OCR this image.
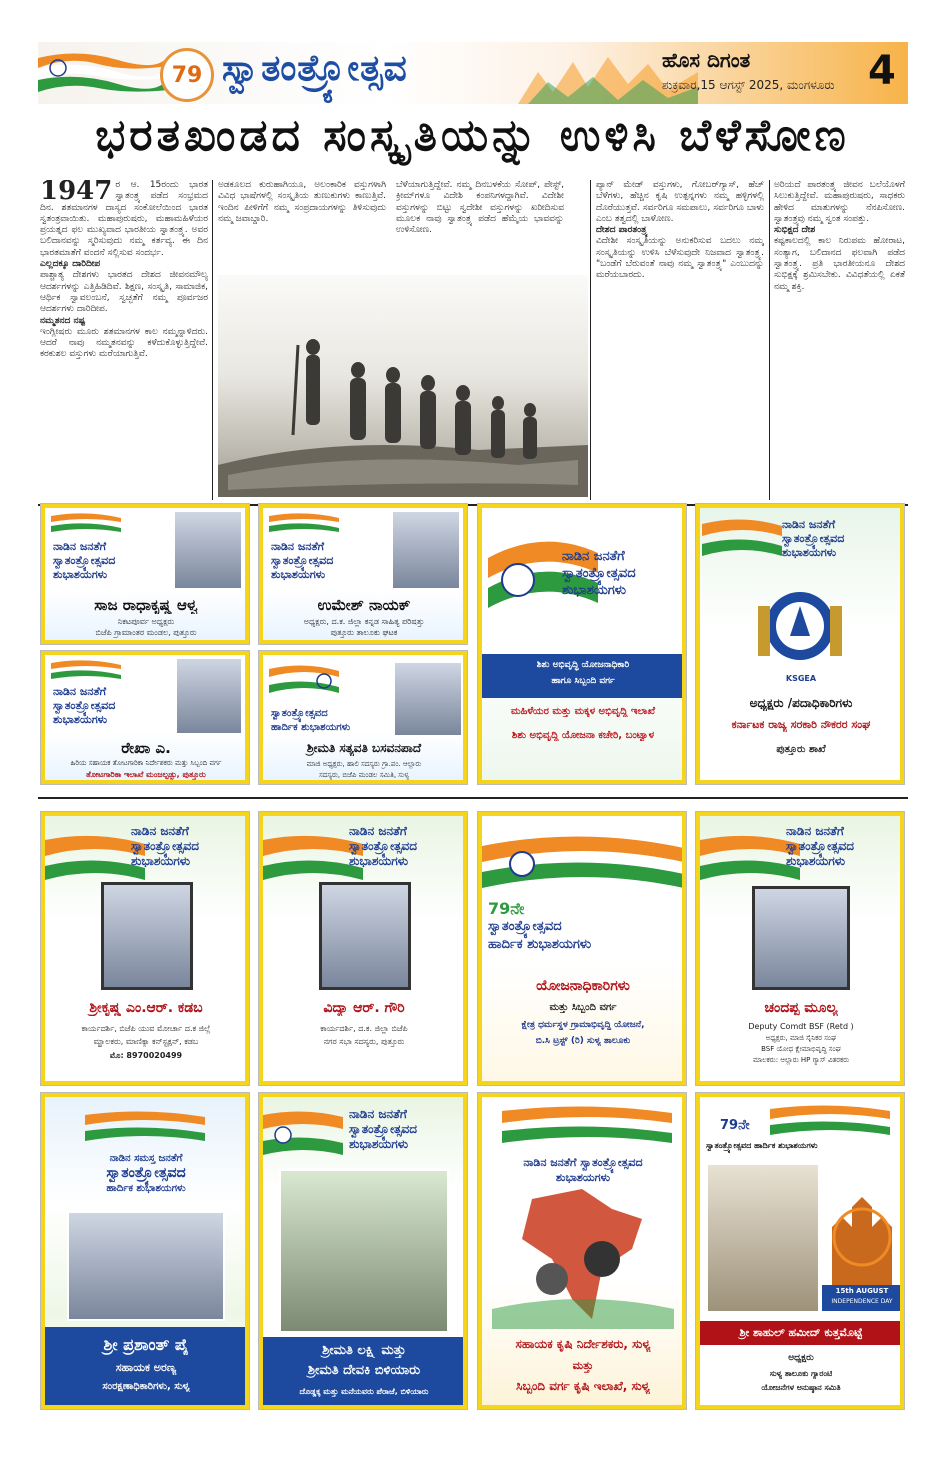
79 ಸ್ವಾತಂತ್ರ್ಯೋತ್ಸವ	ಹೊಸ ದಿಗಂತ
ಶುಕ್ರವಾರ,15 ಆಗಸ್ಟ್ 2025, ಮಂಗಳೂರು 4
ಭರತಖಂಡದ ಸಂಸ್ಕೃತಿಯನ್ನು ಉಳಿಸಿ ಬೆಳೆಸೋಣ
1947 ರ ಆ. 15ರಂದು ಭಾರತ ಸ್ವಾತಂತ್ರ್ಯ ಪಡೆದ ಸಂಭ್ರಮದ ದಿನ. ಶತಮಾನಗಳ ದಾಸ್ಯದ ಸಂಕೋಲೆಯಿಂದ ಭಾರತ ಸ್ವತಂತ್ರವಾಯಿತು. ಮಹಾಪುರುಷರು, ಮಹಾಮಹಿಳೆಯರ ಪ್ರಯತ್ನದ ಫಲ ಮುಖ್ಯವಾದ ಭಾರತೀಯ ಸ್ವಾತಂತ್ರ್ಯ. ಅವರ ಬಲಿದಾನವನ್ನು ಸ್ಮರಿಸುವುದು ನಮ್ಮ ಕರ್ತವ್ಯ. ಈ ದಿನ ಭಾರತಮಾತೆಗೆ ವಂದನೆ ಸಲ್ಲಿಸುವ ಸಂದರ್ಭ.
ಎಲ್ಲದಕ್ಕೂ ದಾರಿದೀಪ
ಪಾಶ್ಚಾತ್ಯ ದೇಶಗಳು ಭಾರತದ ದೇಶದ ಜೀವನಮೌಲ್ಯ ಆದರ್ಶಗಳನ್ನು ಎತ್ತಿಹಿಡಿದಿವೆ. ಶಿಕ್ಷಣ, ಸಂಸ್ಕೃತಿ, ಸಾಮಾಜಿಕ, ಆರ್ಥಿಕ ಸ್ವಾವಲಂಬನೆ, ಸ್ವಚ್ಛತೆಗೆ ನಮ್ಮ ಪೂರ್ವಜರ ಆದರ್ಶಗಳು ದಾರಿದೀಪ.
ನಮ್ಮತನದ ನಷ್ಟ
ಇಂಗ್ಲೀಷರು ಮೂರು ಶತಮಾನಗಳ ಕಾಲ ನಮ್ಮನ್ನಾಳಿದರು. ಆದರೆ ನಾವು ನಮ್ಮತನವನ್ನು ಕಳೆದುಕೊಳ್ಳುತ್ತಿದ್ದೇವೆ. ಕರಕುಶಲ ವಸ್ತುಗಳು ಮರೆಯಾಗುತ್ತಿವೆ.
ಅಡಕೂಲದ ಕುರುಹಾಗಿಯೂ, ಅಲಂಕಾರಿಕ ವಸ್ತುಗಳಾಗಿ ವಿವಿಧ ಭಾಷೆಗಳಲ್ಲಿ ಸಂಸ್ಕೃತಿಯ ತುಣುಕುಗಳು ಕಾಣುತ್ತಿವೆ. ಇಂದಿನ ಪೀಳಿಗೆಗೆ ನಮ್ಮ ಸಂಪ್ರದಾಯಗಳನ್ನು ತಿಳಿಸುವುದು ನಮ್ಮ ಜವಾಬ್ದಾರಿ.
ಬೆಳೆಯಾಗುತ್ತಿದ್ದೇವೆ. ನಮ್ಮ ದಿನಬಳಕೆಯ ಸೋಪ್, ಪೇಸ್ಟ್, ಕ್ರೀಮ್‌ಗಳೂ ವಿದೇಶಿ ಕಂಪನಿಗಳದ್ದಾಗಿವೆ. ವಿದೇಶೀ ವಸ್ತುಗಳನ್ನು ಬಿಟ್ಟು ಸ್ವದೇಶೀ ವಸ್ತುಗಳನ್ನು ಖರೀದಿಸುವ ಮೂಲಕ ನಾವು ಸ್ವಾತಂತ್ರ್ಯ ಪಡೆದ ಹೆಮ್ಮೆಯ ಭಾವವನ್ನು ಉಳಿಸೋಣ.
ಪ್ಯಾನ್ ಮೇಡ್ ವಸ್ತುಗಳು, ಗೋಬರ್‌ಗ್ಯಾಸ್, ಹೆಚ್ ಬೆಳೆಗಳು, ಹೆಚ್ಚಿನ ಕೃಷಿ ಉತ್ಪನ್ನಗಳು ನಮ್ಮ ಹಳ್ಳಿಗಳಲ್ಲಿ ದೊರೆಯುತ್ತವೆ. ಸರ್ವರಿಗೂ ಸಮಪಾಲು, ಸರ್ವರಿಗೂ ಬಾಳು ಎಂಬ ತತ್ವದಲ್ಲಿ ಬಾಳೋಣ.
ದೇಶದ ಪಾರತಂತ್ರ್ಯ
ವಿದೇಶೀ ಸಂಸ್ಕೃತಿಯನ್ನು ಅನುಕರಿಸುವ ಬದಲು ನಮ್ಮ ಸಂಸ್ಕೃತಿಯನ್ನು ಉಳಿಸಿ ಬೆಳೆಸುವುದೇ ನಿಜವಾದ ಸ್ವಾತಂತ್ರ್ಯ. "ಬಂಡೆಗೆ ಬೆರುವಂತೆ ನಾವು ನಮ್ಮ ಸ್ವಾತಂತ್ರ್ಯ" ಎಂಬುದನ್ನು ಮರೆಯಬಾರದು.
ಅರಿಯದೆ ಪಾರತಂತ್ರ್ಯ ಜೀವನ ಬಲೆಯೊಳಗೆ ಸಿಲುಕುತ್ತಿದ್ದೇವೆ. ಮಹಾಪುರುಷರು, ಸಾಧಕರು ಹೇಳಿದ ಮಾತುಗಳನ್ನು ನೆನಪಿಸೋಣ. ಸ್ವಾತಂತ್ರ್ಯವು ನಮ್ಮ ಸ್ವಂತ ಸಂಪತ್ತು.
ಸುಭಿಕ್ಷದ ದೇಶ
ಕಷ್ಟಕಾಲದಲ್ಲಿ ಕಾಲ ನಿರುಪಮ ಹೋರಾಟ, ಸಂತ್ಯಾಗ, ಬಲಿದಾನದ ಫಲವಾಗಿ ಪಡೆದ ಸ್ವಾತಂತ್ರ್ಯ. ಪ್ರತಿ ಭಾರತೀಯನೂ ದೇಶದ ಸುಭಿಕ್ಷಕ್ಕೆ ಶ್ರಮಿಸಬೇಕು. ವಿವಿಧತೆಯಲ್ಲಿ ಏಕತೆ ನಮ್ಮ ಶಕ್ತಿ.
ನಾಡಿನ ಜನತೆಗೆ
ಸ್ವಾತಂತ್ರ್ಯೋತ್ಸವದ
ಶುಭಾಶಯಗಳು
ಸಾಜ ರಾಧಾಕೃಷ್ಣ ಆಳ್ವ
ನಿಕಟಪೂರ್ವ ಅಧ್ಯಕ್ಷರು
ಬಿಜೆಪಿ ಗ್ರಾಮಾಂತರ ಮಂಡಲ, ಪುತ್ತೂರು
ನಾಡಿನ ಜನತೆಗೆ
ಸ್ವಾತಂತ್ರ್ಯೋತ್ಸವದ
ಶುಭಾಶಯಗಳು
ಉಮೇಶ್ ನಾಯಕ್
ಅಧ್ಯಕ್ಷರು, ದ.ಕ. ಜಿಲ್ಲಾ ಕನ್ನಡ ಸಾಹಿತ್ಯ ಪರಿಷತ್ತು
ಪುತ್ತೂರು ತಾಲೂಕು ಘಟಕ
ನಾಡಿನ ಜನತೆಗೆ
ಸ್ವಾತಂತ್ರ್ಯೋತ್ಸವದ
ಶುಭಾಶಯಗಳು
ಶಿಶು ಅಭಿವೃದ್ಧಿ ಯೋಜನಾಧಿಕಾರಿ
ಹಾಗೂ ಸಿಬ್ಬಂದಿ ವರ್ಗ
ಮಹಿಳೆಯರ ಮತ್ತು ಮಕ್ಕಳ ಅಭಿವೃದ್ಧಿ ಇಲಾಖೆ
ಶಿಶು ಅಭಿವೃದ್ಧಿ ಯೋಜನಾ ಕಚೇರಿ, ಬಂಟ್ವಾಳ
ನಾಡಿನ ಜನತೆಗೆ
ಸ್ವಾತಂತ್ರ್ಯೋತ್ಸವದ
ಶುಭಾಶಯಗಳು
KSGEA
ಅಧ್ಯಕ್ಷರು /ಪದಾಧಿಕಾರಿಗಳು
ಕರ್ನಾಟಕ ರಾಜ್ಯ ಸರಕಾರಿ ನೌಕರರ ಸಂಘ
ಪುತ್ತೂರು ಶಾಖೆ
ನಾಡಿನ ಜನತೆಗೆ
ಸ್ವಾತಂತ್ರ್ಯೋತ್ಸವದ
ಶುಭಾಶಯಗಳು
ರೇಖಾ ಎ.
ಹಿರಿಯ ಸಹಾಯಕ ತೋಟಗಾರಿಕಾ ನಿರ್ದೇಶಕರು ಮತ್ತು ಸಿಬ್ಬಂದಿ ವರ್ಗ
ತೋಟಗಾರಿಕಾ ಇಲಾಖೆ ಮಂಜಲ್ಪಡ್ಪು, ಪುತ್ತೂರು
ಸ್ವಾತಂತ್ರ್ಯೋತ್ಸವದ
ಹಾರ್ದಿಕ ಶುಭಾಶಯಗಳು
ಶ್ರೀಮತಿ ಸತ್ಯವತಿ ಬಸವನಪಾದೆ
ಮಾಜಿ ಅಧ್ಯಕ್ಷರು, ಹಾಲಿ ಸದಸ್ಯರು ಗ್ರಾ.ಪಂ. ಆಲ್ಲಾರು
ಸದಸ್ಯರು, ಬಿಜೆಪಿ ಮಂಡಲ ಸಮಿತಿ, ಸುಳ್ಯ
ನಾಡಿನ ಜನತೆಗೆ
ಸ್ವಾತಂತ್ರ್ಯೋತ್ಸವದ
ಶುಭಾಶಯಗಳು
ಶ್ರೀಕೃಷ್ಣ ಎಂ.ಆರ್. ಕಡಬ
ಕಾರ್ಯದರ್ಶಿ, ಬಿಜೆಪಿ ಯುವ ಮೋರ್ಚಾ ದ.ಕ ಜಿಲ್ಲೆ
ಮ್ಹಾಲಕರು, ಮಾಣಿಕ್ಯಾ ಕನ್‌ಸ್ಟ್ರಕ್ಷನ್, ಕಡಬ
ಮೊ: 8970020499
ನಾಡಿನ ಜನತೆಗೆ
ಸ್ವಾತಂತ್ರ್ಯೋತ್ಸವದ
ಶುಭಾಶಯಗಳು
ವಿದ್ಯಾ ಆರ್. ಗೌರಿ
ಕಾರ್ಯದರ್ಶಿ, ದ.ಕ. ಜಿಲ್ಲಾ ಬಿಜೆಪಿ
ನಗರ ಸಭಾ ಸದಸ್ಯರು, ಪುತ್ತೂರು
79ನೇ
ಸ್ವಾತಂತ್ರ್ಯೋತ್ಸವದ
ಹಾರ್ದಿಕ ಶುಭಾಶಯಗಳು
ಯೋಜನಾಧಿಕಾರಿಗಳು
ಮತ್ತು ಸಿಬ್ಬಂದಿ ವರ್ಗ
ಕ್ಷೇತ್ರ ಧರ್ಮಸ್ಥಳ ಗ್ರಾಮಾಭಿವೃದ್ಧಿ ಯೋಜನೆ,
ಬಿ.ಸಿ ಟ್ರಸ್ಟ್ (ರಿ) ಸುಳ್ಯ ತಾಲೂಕು
ನಾಡಿನ ಜನತೆಗೆ
ಸ್ವಾತಂತ್ರ್ಯೋತ್ಸವದ
ಶುಭಾಶಯಗಳು
ಚಂದಪ್ಪ ಮೂಲ್ಯ
Deputy Comdt BSF (Retd )
ಅಧ್ಯಕ್ಷರು, ಮಾಜಿ ಸೈನಿಕರ ಸಂಘ
BSF ಯೋಧ ಕ್ಷೇಮಾಭಿವೃದ್ಧಿ ಸಂಘ
ಮಾಲಕರು: ಆಲ್ಲಾರು HP ಗ್ಯಾಸ್ ವಿತರಕರು
ನಾಡಿನ ಸಮಸ್ತ ಜನತೆಗೆ
ಸ್ವಾತಂತ್ರ್ಯೋತ್ಸವದ
ಹಾರ್ದಿಕ ಶುಭಾಶಯಗಳು
ಶ್ರೀ ಪ್ರಶಾಂತ್ ಪೈ
ಸಹಾಯಕ ಅರಣ್ಯ
ಸಂರಕ್ಷಣಾಧಿಕಾರಿಗಳು, ಸುಳ್ಯ
ನಾಡಿನ ಜನತೆಗೆ
ಸ್ವಾತಂತ್ರ್ಯೋತ್ಸವದ
ಶುಭಾಶಯಗಳು
ಶ್ರೀಮತಿ ಲಕ್ಷ್ಮಿ ಮತ್ತು
ಶ್ರೀಮತಿ ದೇವಕಿ ಬಿಳಿಯಾರು
ದೊಡ್ಡಕ್ಕ ಮತ್ತು ಮನೆಯವರು ಪೆರಾಜೆ, ಬಿಳಿಯಾರು
ನಾಡಿನ ಜನತೆಗೆ ಸ್ವಾತಂತ್ರ್ಯೋತ್ಸವದ
ಶುಭಾಶಯಗಳು
ಸಹಾಯಕ ಕೃಷಿ ನಿರ್ದೇಶಕರು, ಸುಳ್ಯ
ಮತ್ತು
ಸಿಬ್ಬಂದಿ ವರ್ಗ ಕೃಷಿ ಇಲಾಖೆ, ಸುಳ್ಯ
79ನೇ
ಸ್ವಾತಂತ್ರ್ಯೋತ್ಸವದ ಹಾರ್ದಿಕ ಶುಭಾಶಯಗಳು
15th AUGUST
INDEPENDENCE DAY
ಶ್ರೀ ಶಾಹುಲ್ ಹಮೀದ್ ಕುತ್ತಮೊಟ್ಟೆ
ಅಧ್ಯಕ್ಷರು
ಸುಳ್ಯ ತಾಲೂಕು ಗ್ಯಾರಂಟಿ
ಯೋಜನೆಗಳ ಅನುಷ್ಠಾನ ಸಮಿತಿ
